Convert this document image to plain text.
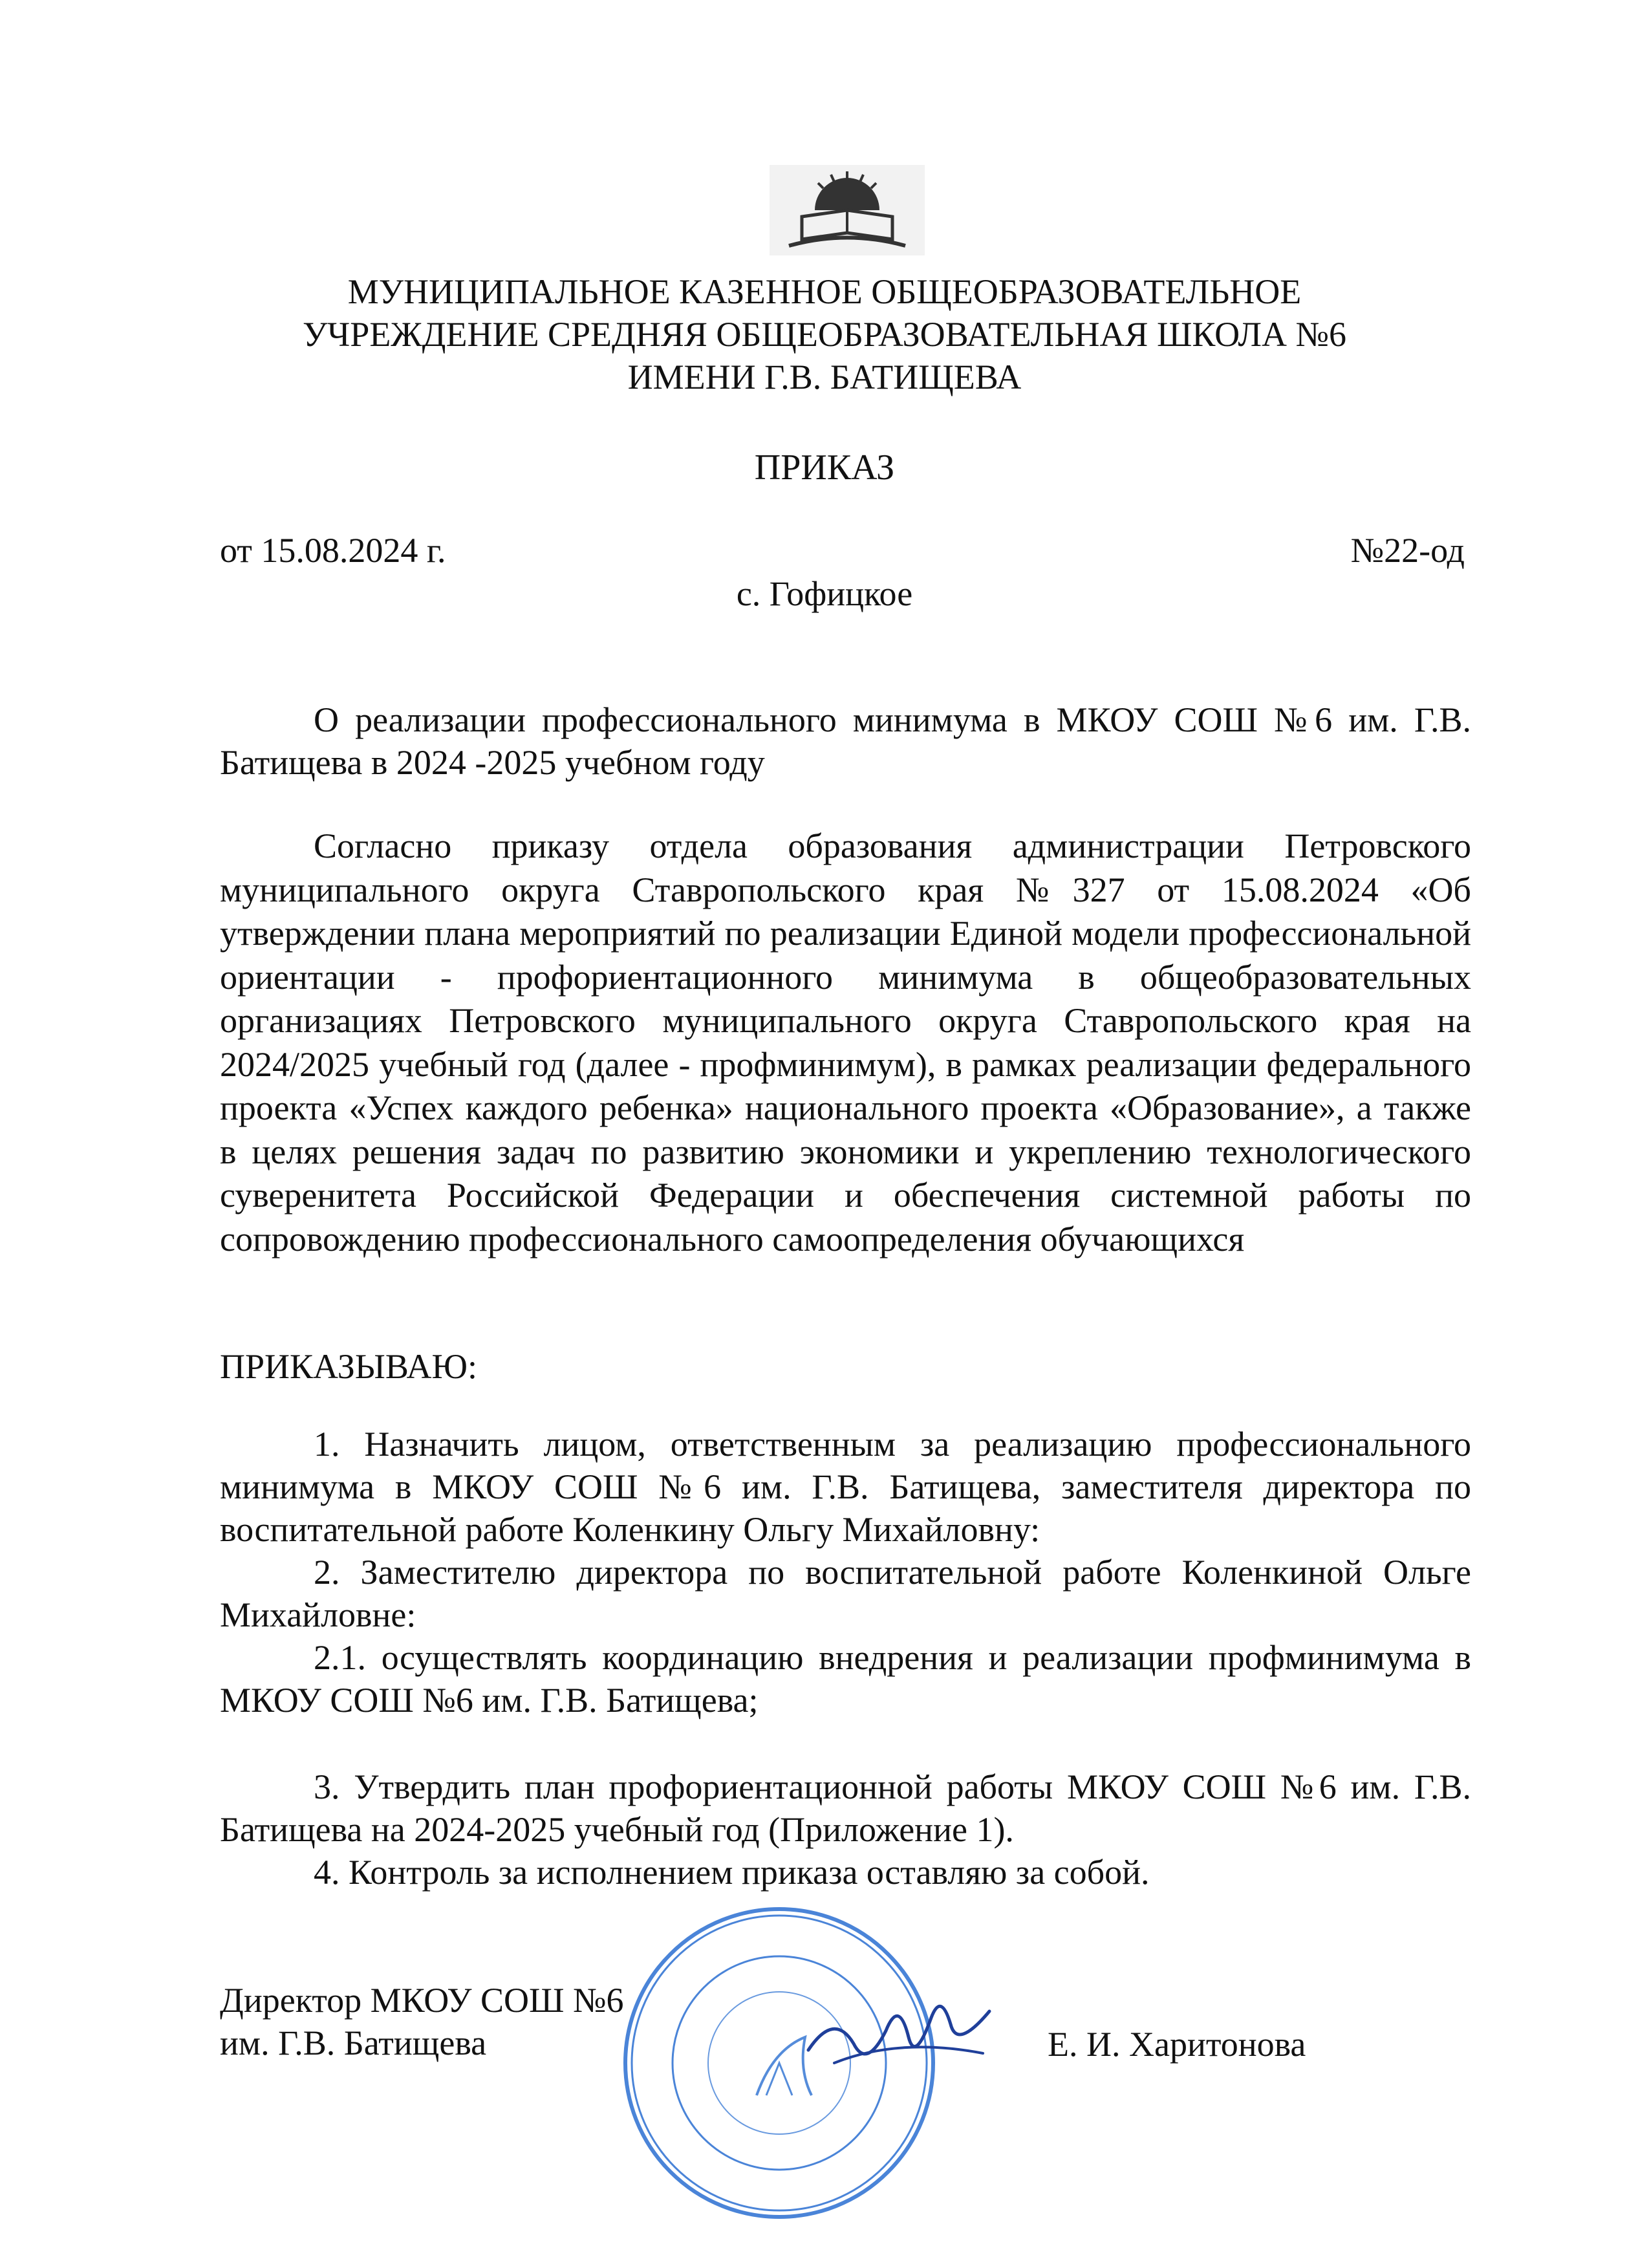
МУНИЦИПАЛЬНОЕ КАЗЕННОЕ ОБЩЕОБРАЗОВАТЕЛЬНОЕ
УЧРЕЖДЕНИЕ СРЕДНЯЯ ОБЩЕОБРАЗОВАТЕЛЬНАЯ ШКОЛА №6
ИМЕНИ Г.В. БАТИЩЕВА
ПРИКАЗ
от 15.08.2024 г.	№22-од
с. Гофицкое
О реализации профессионального минимума в МКОУ СОШ №6 им. Г.В. Батищева в 2024 -2025 учебном году
Согласно приказу отдела образования администрации Петровского муниципального округа Ставропольского края №327 от 15.08.2024 «Об утверждении плана мероприятий по реализации Единой модели профессиональной ориентации - профориентационного минимума в общеобразовательных организациях Петровского муниципального округа Ставропольского края на 2024/2025 учебный год (далее - профминимум), в рамках реализации федерального проекта «Успех каждого ребенка» национального проекта «Образование», а также в целях решения задач по развитию экономики и укреплению технологического суверенитета Российской Федерации и обеспечения системной работы по сопровождению профессионального самоопределения обучающихся
ПРИКАЗЫВАЮ:

1. Назначить лицом, ответственным за реализацию профессионального минимума в МКОУ СОШ №6 им. Г.В. Батищева, заместителя директора по воспитательной работе Коленкину Ольгу Михайловну:

2. Заместителю директора по воспитательной работе Коленкиной Ольге Михайловне:

2.1. осуществлять координацию внедрения и реализации профминимума в МКОУ СОШ №6 им. Г.В. Батищева;

3. Утвердить план профориентационной работы МКОУ СОШ №6 им. Г.В. Батищева на 2024-2025 учебный год (Приложение 1).

4. Контроль за исполнением приказа оставляю за собой.

Директор МКОУ СОШ №6
им. Г.В. Батищева	Е. И. Харитонова
